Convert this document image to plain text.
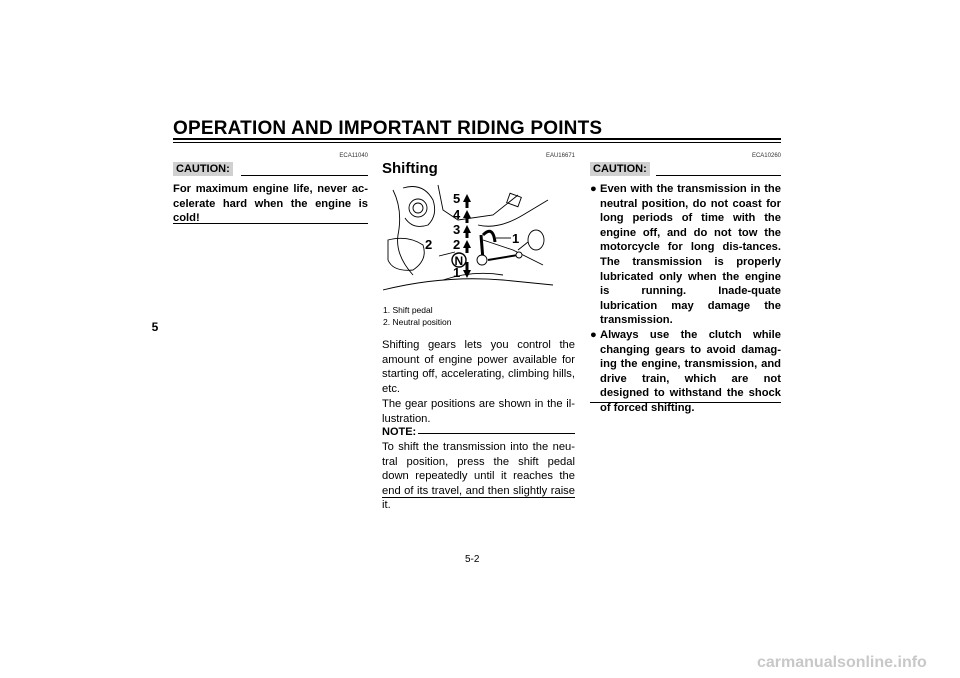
OPERATION AND IMPORTANT RIDING POINTS
5
ECA11040
CAUTION:
For maximum engine life, never ac-celerate hard when the engine is cold!
EAU16671
Shifting
5
4
3
2
2
N
1
1
1. Shift pedal
2. Neutral position
Shifting gears lets you control the amount of engine power available for starting off, accelerating, climbing hills, etc.
The gear positions are shown in the il-lustration.
NOTE:
To shift the transmission into the neu-tral position, press the shift pedal down repeatedly until it reaches the end of its travel, and then slightly raise it.
ECA10260
CAUTION:
● Even with the transmission in the neutral position, do not coast for long periods of time with the engine off, and do not tow the motorcycle for long dis-tances. The transmission is properly lubricated only when the engine is running. Inade-quate lubrication may damage the transmission.
● Always use the clutch while changing gears to avoid damag-ing the engine, transmission, and drive train, which are not designed to withstand the shock of forced shifting.
5-2
carmanualsonline.info
